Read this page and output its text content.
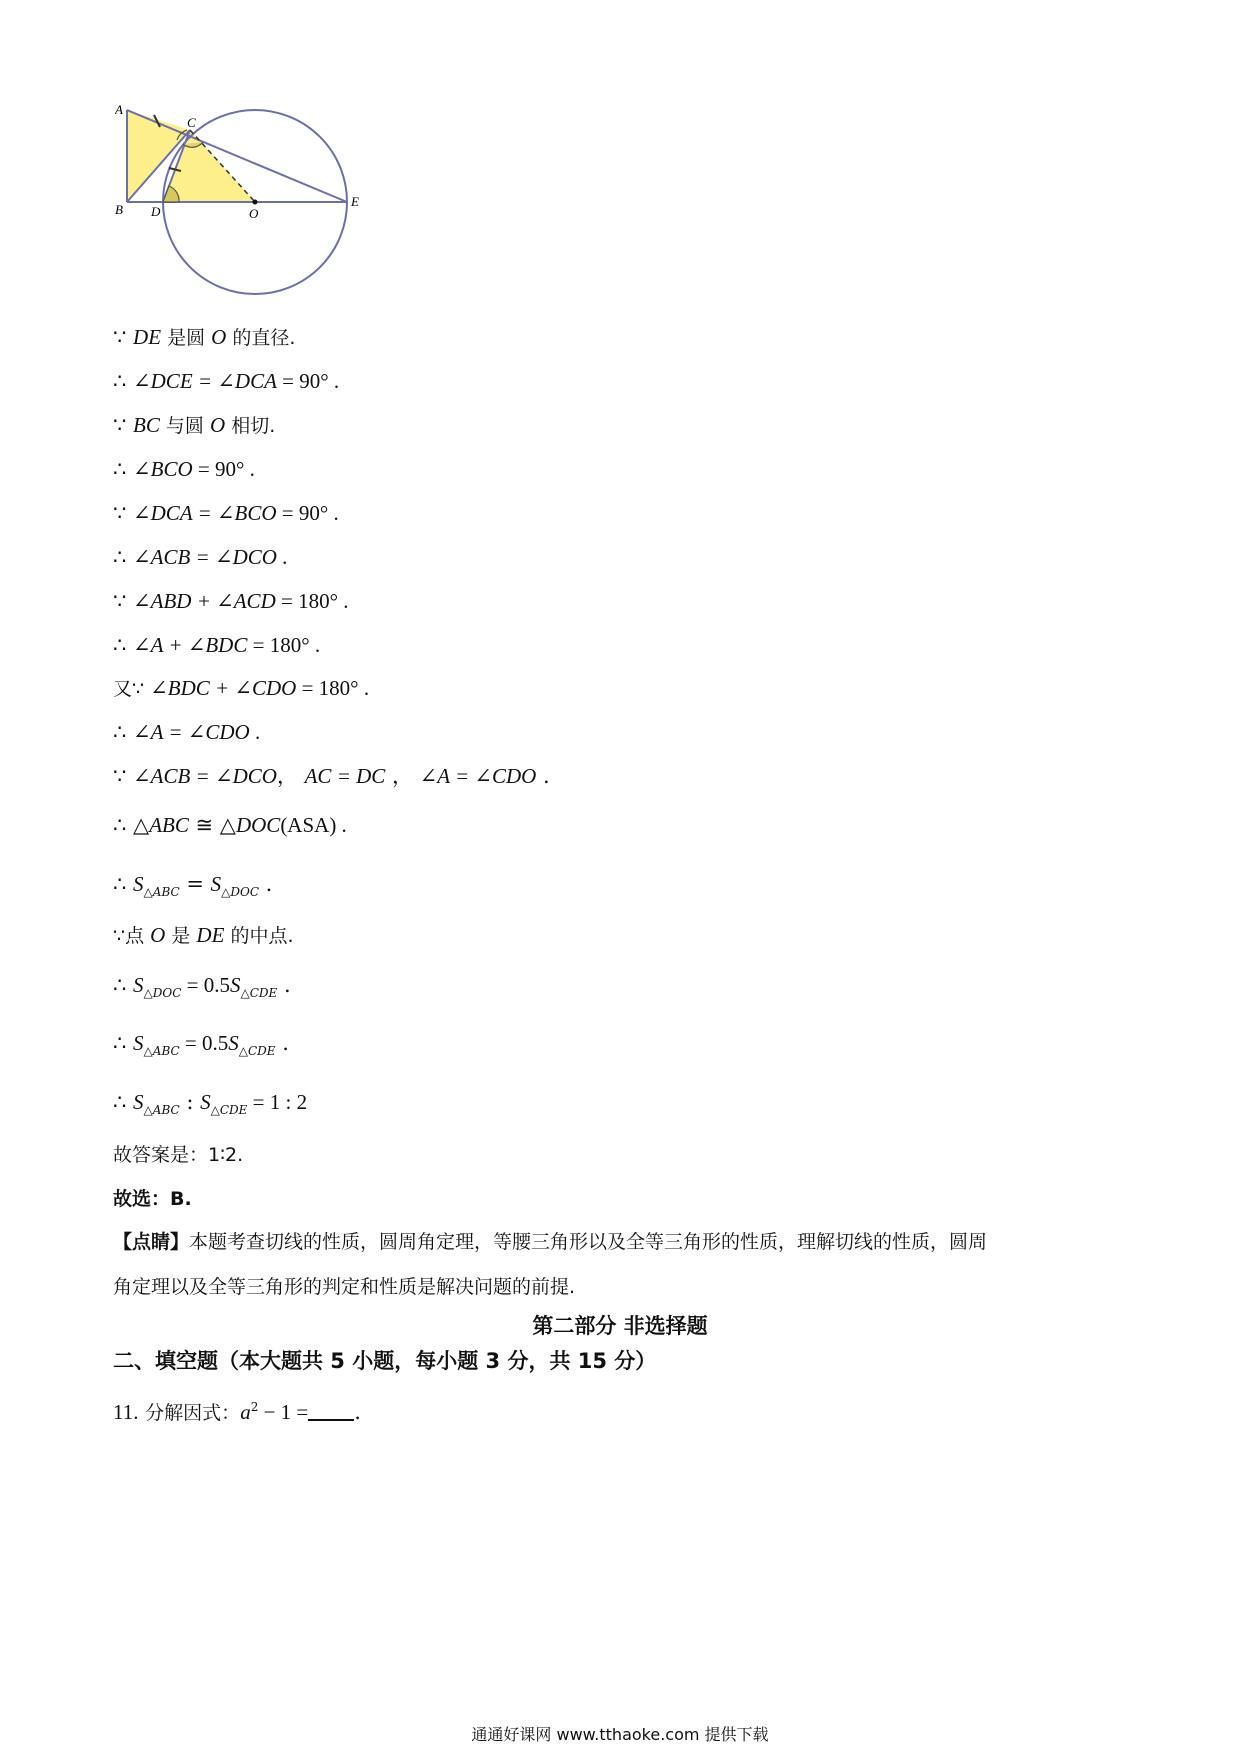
A
B
C
D	O
E
∵ DE 是圆 O 的直径.
∴ ∠DCE = ∠DCA = 90° .
∵ BC 与圆 O 相切.
∴ ∠BCO = 90° .
∵ ∠DCA = ∠BCO = 90° .
∴ ∠ACB = ∠DCO .
∵ ∠ABD + ∠ACD = 180° .
∴ ∠A + ∠BDC = 180° .
又∵ ∠BDC + ∠CDO = 180° .
∴ ∠A = ∠CDO .
∵ ∠ACB = ∠DCO， AC = DC ， ∠A = ∠CDO .
∴ △ABC ≅ △DOC(ASA) .
∴ $S_{\triangle ABC} = S_{\triangle DOC}$ .
∵点 O 是 DE 的中点.
∴ $S_{\triangle DOC} = 0.5S_{\triangle CDE}$ .
∴ $S_{\triangle ABC} = 0.5S_{\triangle CDE}$ .
∴ $S_{\triangle ABC}$ : $S_{\triangle CDE} = 1$ : 2
故答案是：1∶2.
故选：B.
【点睛】本题考查切线的性质，圆周角定理，等腰三角形以及全等三角形的性质，理解切线的性质，圆周
角定理以及全等三角形的判定和性质是解决问题的前提.
第二部分 非选择题
二、填空题（本大题共 5 小题，每小题 3 分，共 15 分）
11. 分解因式：$a^2 - 1$ = .
通通好课网 www.tthaoke.com 提供下载
